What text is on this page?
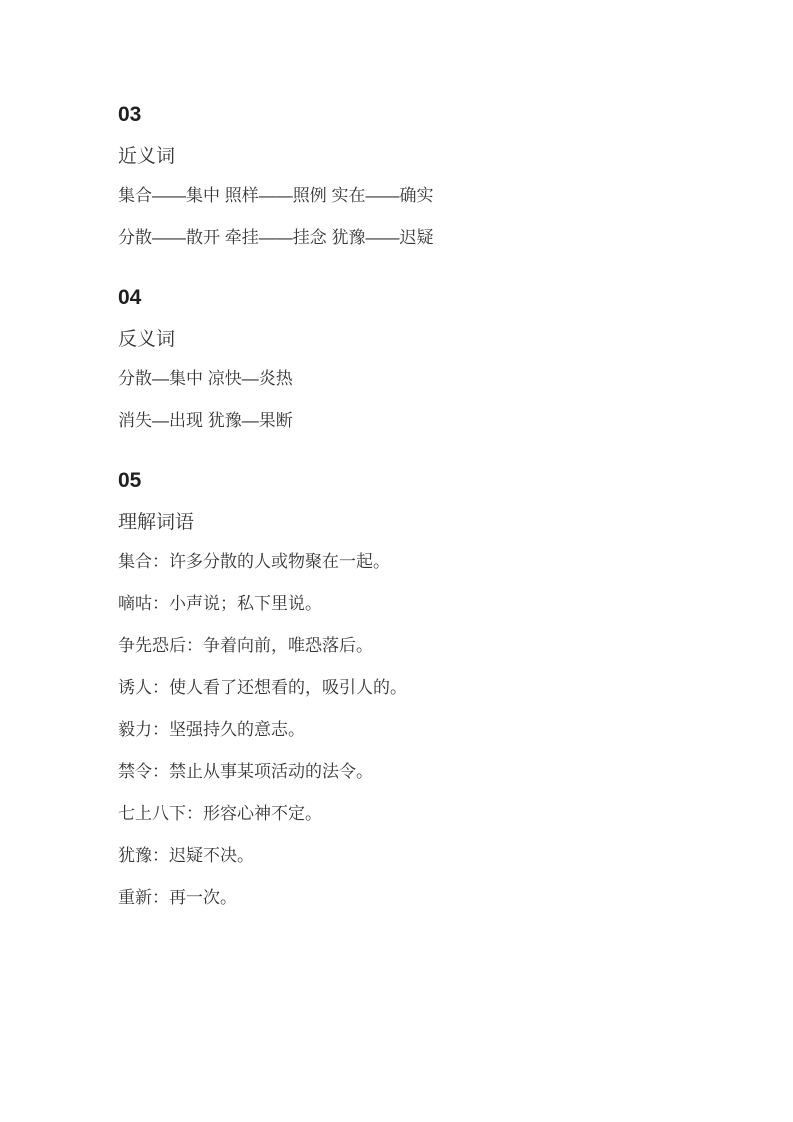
03

近义词

集合——集中 照样——照例 实在——确实

分散——散开 牵挂——挂念 犹豫——迟疑

04

反义词

分散—集中 凉快—炎热

消失—出现 犹豫—果断

05

理解词语

集合：许多分散的人或物聚在一起。

嘀咕：小声说；私下里说。

争先恐后：争着向前，唯恐落后。

诱人：使人看了还想看的，吸引人的。

毅力：坚强持久的意志。

禁令：禁止从事某项活动的法令。

七上八下：形容心神不定。

犹豫：迟疑不决。

重新：再一次。
